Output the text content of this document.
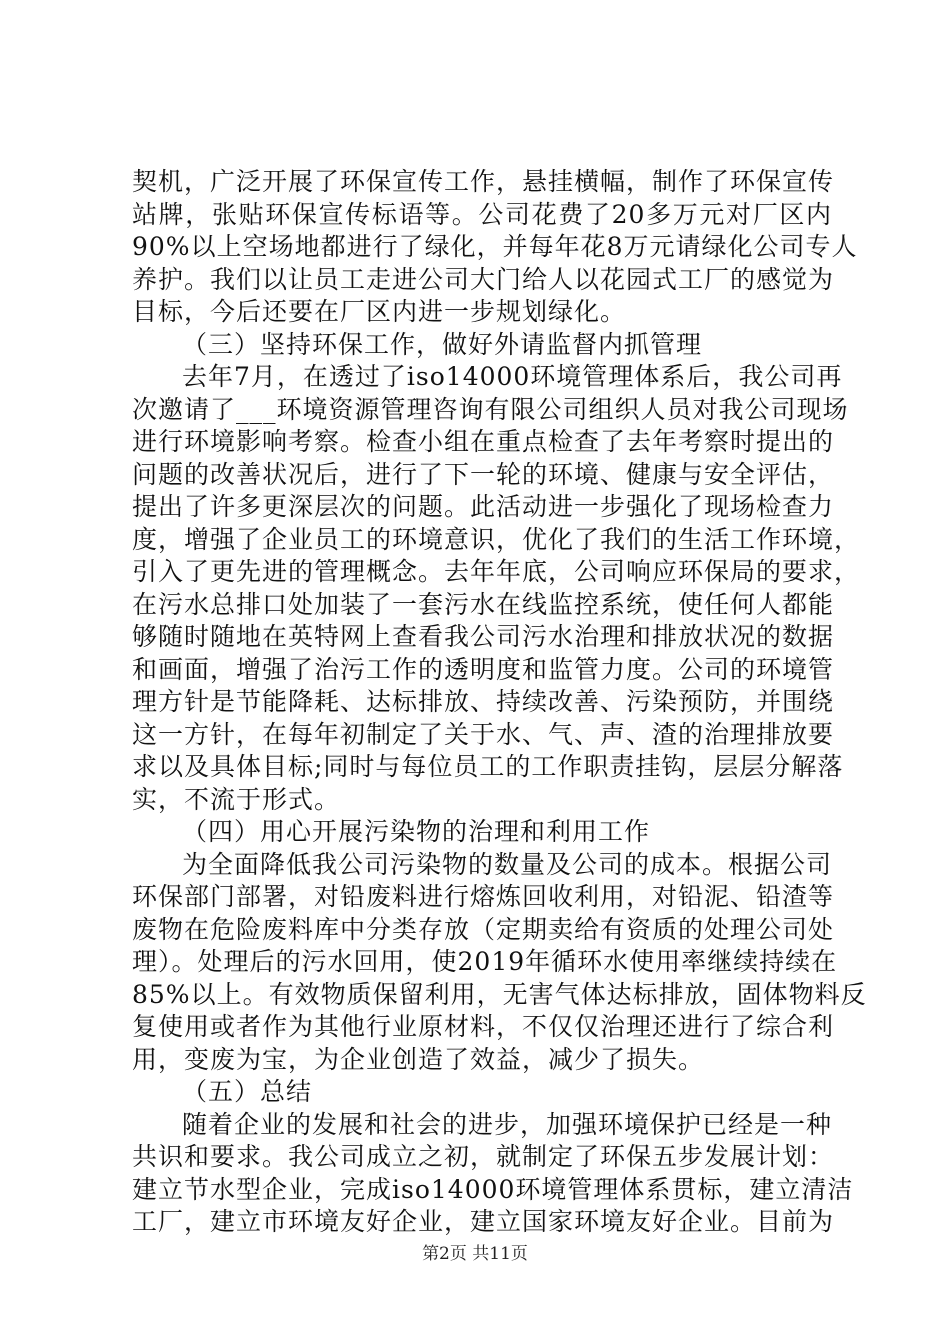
契机，广泛开展了环保宣传工作，悬挂横幅，制作了环保宣传
站牌，张贴环保宣传标语等。公司花费了20多万元对厂区内
90%以上空场地都进行了绿化，并每年花8万元请绿化公司专人
养护。我们以让员工走进公司大门给人以花园式工厂的感觉为
目标，今后还要在厂区内进一步规划绿化。
（三）坚持环保工作，做好外请监督内抓管理
去年7月，在透过了iso14000环境管理体系后，我公司再
次邀请了___环境资源管理咨询有限公司组织人员对我公司现场
进行环境影响考察。检查小组在重点检查了去年考察时提出的
问题的改善状况后，进行了下一轮的环境、健康与安全评估，
提出了许多更深层次的问题。此活动进一步强化了现场检查力
度，增强了企业员工的环境意识，优化了我们的生活工作环境，
引入了更先进的管理概念。去年年底，公司响应环保局的要求，
在污水总排口处加装了一套污水在线监控系统，使任何人都能
够随时随地在英特网上查看我公司污水治理和排放状况的数据
和画面，增强了治污工作的透明度和监管力度。公司的环境管
理方针是节能降耗、达标排放、持续改善、污染预防，并围绕
这一方针，在每年初制定了关于水、气、声、渣的治理排放要
求以及具体目标;同时与每位员工的工作职责挂钩，层层分解落
实，不流于形式。
（四）用心开展污染物的治理和利用工作
为全面降低我公司污染物的数量及公司的成本。根据公司
环保部门部署，对铅废料进行熔炼回收利用，对铅泥、铅渣等
废物在危险废料库中分类存放（定期卖给有资质的处理公司处
理）。处理后的污水回用，使2019年循环水使用率继续持续在
85%以上。有效物质保留利用，无害气体达标排放，固体物料反
复使用或者作为其他行业原材料，不仅仅治理还进行了综合利
用，变废为宝，为企业创造了效益，减少了损失。
（五）总结
随着企业的发展和社会的进步，加强环境保护已经是一种
共识和要求。我公司成立之初，就制定了环保五步发展计划：
建立节水型企业，完成iso14000环境管理体系贯标，建立清洁
工厂，建立市环境友好企业，建立国家环境友好企业。目前为
第2页 共11页
